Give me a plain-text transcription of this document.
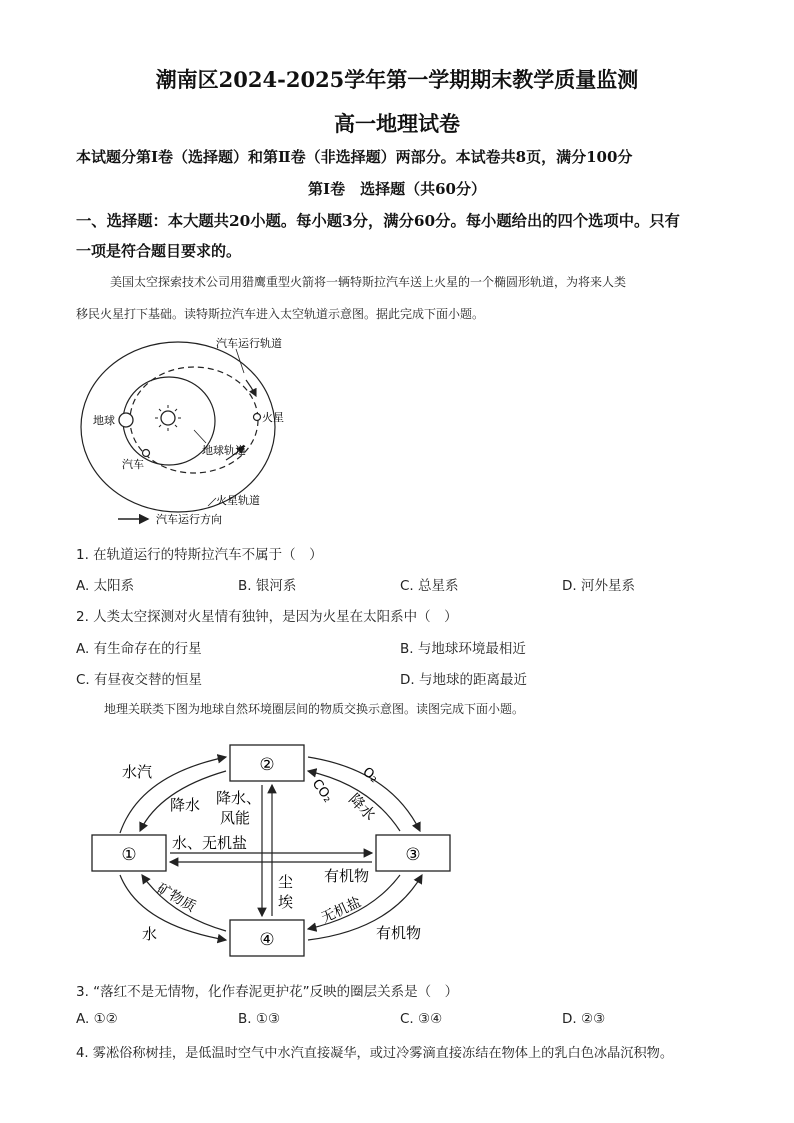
潮南区2024-2025学年第一学期期末教学质量监测
高一地理试卷
本试题分第Ⅰ卷（选择题）和第Ⅱ卷（非选择题）两部分。本试卷共8页，满分100分
第Ⅰ卷　选择题（共60分）
一、选择题：本大题共20小题。每小题3分，满分60分。每小题给出的四个选项中。只有
一项是符合题目要求的。
美国太空探索技术公司用猎鹰重型火箭将一辆特斯拉汽车送上火星的一个椭圆形轨道，为将来人类
移民火星打下基础。读特斯拉汽车进入太空轨道示意图。据此完成下面小题。
汽车运行轨道
地球	火星
地球轨道
汽车
火星轨道
汽车运行方向
1. 在轨道运行的特斯拉汽车不属于（　）
A. 太阳系	B. 银河系	C. 总星系	D. 河外星系
2. 人类太空探测对火星情有独钟，是因为火星在太阳系中（　）
A. 有生命存在的行星	B. 与地球环境最相近
C. 有昼夜交替的恒星	D. 与地球的距离最近
地理关联类下图为地球自然环境圈层间的物质交换示意图。读图完成下面小题。
②
①	③
④
水汽
降水 降水、
风能
CO₂
O₂
降水
水、无机盐
有机物
尘
埃
矿物质
水
无机盐
有机物
3. “落红不是无情物，化作春泥更护花”反映的圈层关系是（　）
A. ①②	B. ①③	C. ③④	D. ②③
4. 雾凇俗称树挂，是低温时空气中水汽直接凝华，或过冷雾滴直接冻结在物体上的乳白色冰晶沉积物。
